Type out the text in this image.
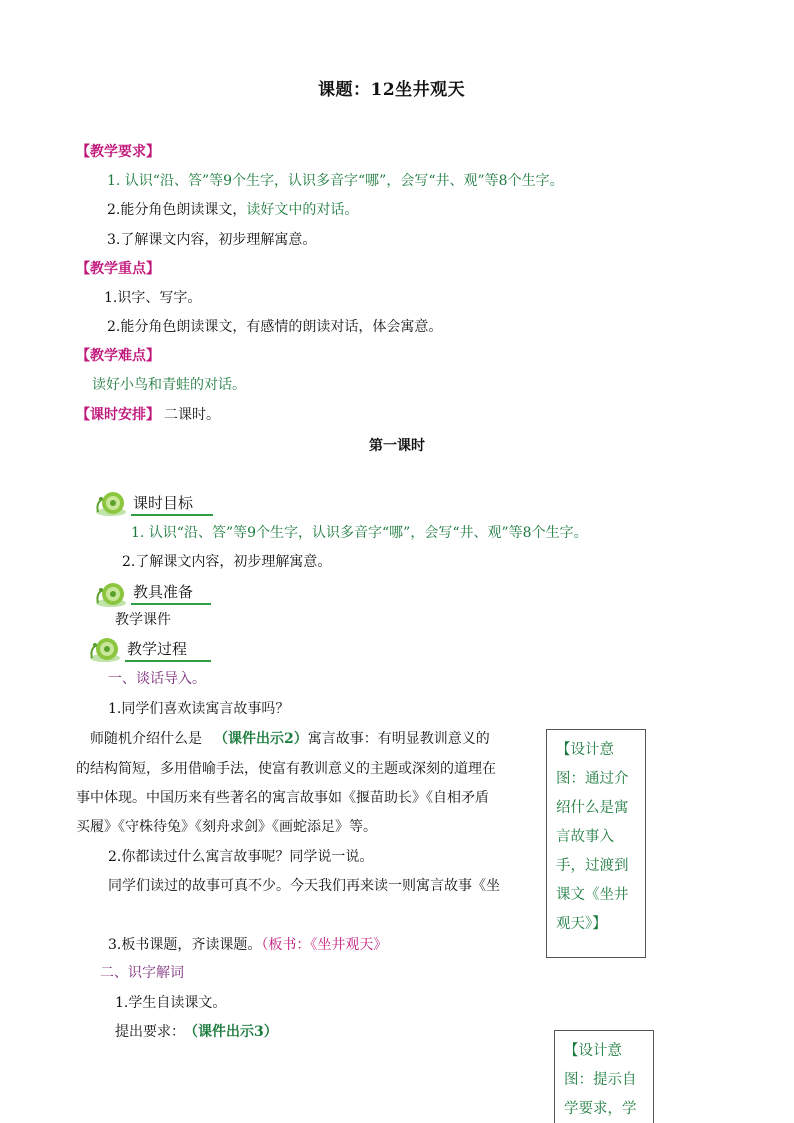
课题：12坐井观天
【教学要求】
1. 认识“沿、答”等9个生字，认识多音字“哪”，会写“井、观”等8个生字。
2.能分角色朗读课文，读好文中的对话。
3.了解课文内容，初步理解寓意。
【教学重点】
1.识字、写字。
2.能分角色朗读课文，有感情的朗读对话，体会寓意。
【教学难点】
读好小鸟和青蛙的对话。
【课时安排】 二课时。
第一课时
课时目标
1. 认识“沿、答”等9个生字，认识多音字“哪”，会写“井、观”等8个生字。
2.了解课文内容，初步理解寓意。
教具准备
教学课件
教学过程
一、谈话导入。
1.同学们喜欢读寓言故事吗？
师随机介绍什么是 （课件出示2）寓言故事：有明显教训意义的
的结构简短，多用借喻手法，使富有教训意义的主题或深刻的道理在
事中体现。中国历来有些著名的寓言故事如《揠苗助长》《自相矛盾
买履》《守株待兔》《刻舟求剑》《画蛇添足》等。
2.你都读过什么寓言故事呢？同学说一说。
同学们读过的故事可真不少。今天我们再来读一则寓言故事《坐
3.板书课题，齐读课题。（板书：《坐井观天》
二、识字解词
1.学生自读课文。
提出要求： （课件出示3）
【设计意图：通过介绍什么是寓言故事入手，过渡到课文《坐井观天》】
【设计意图：提示自学要求，学
